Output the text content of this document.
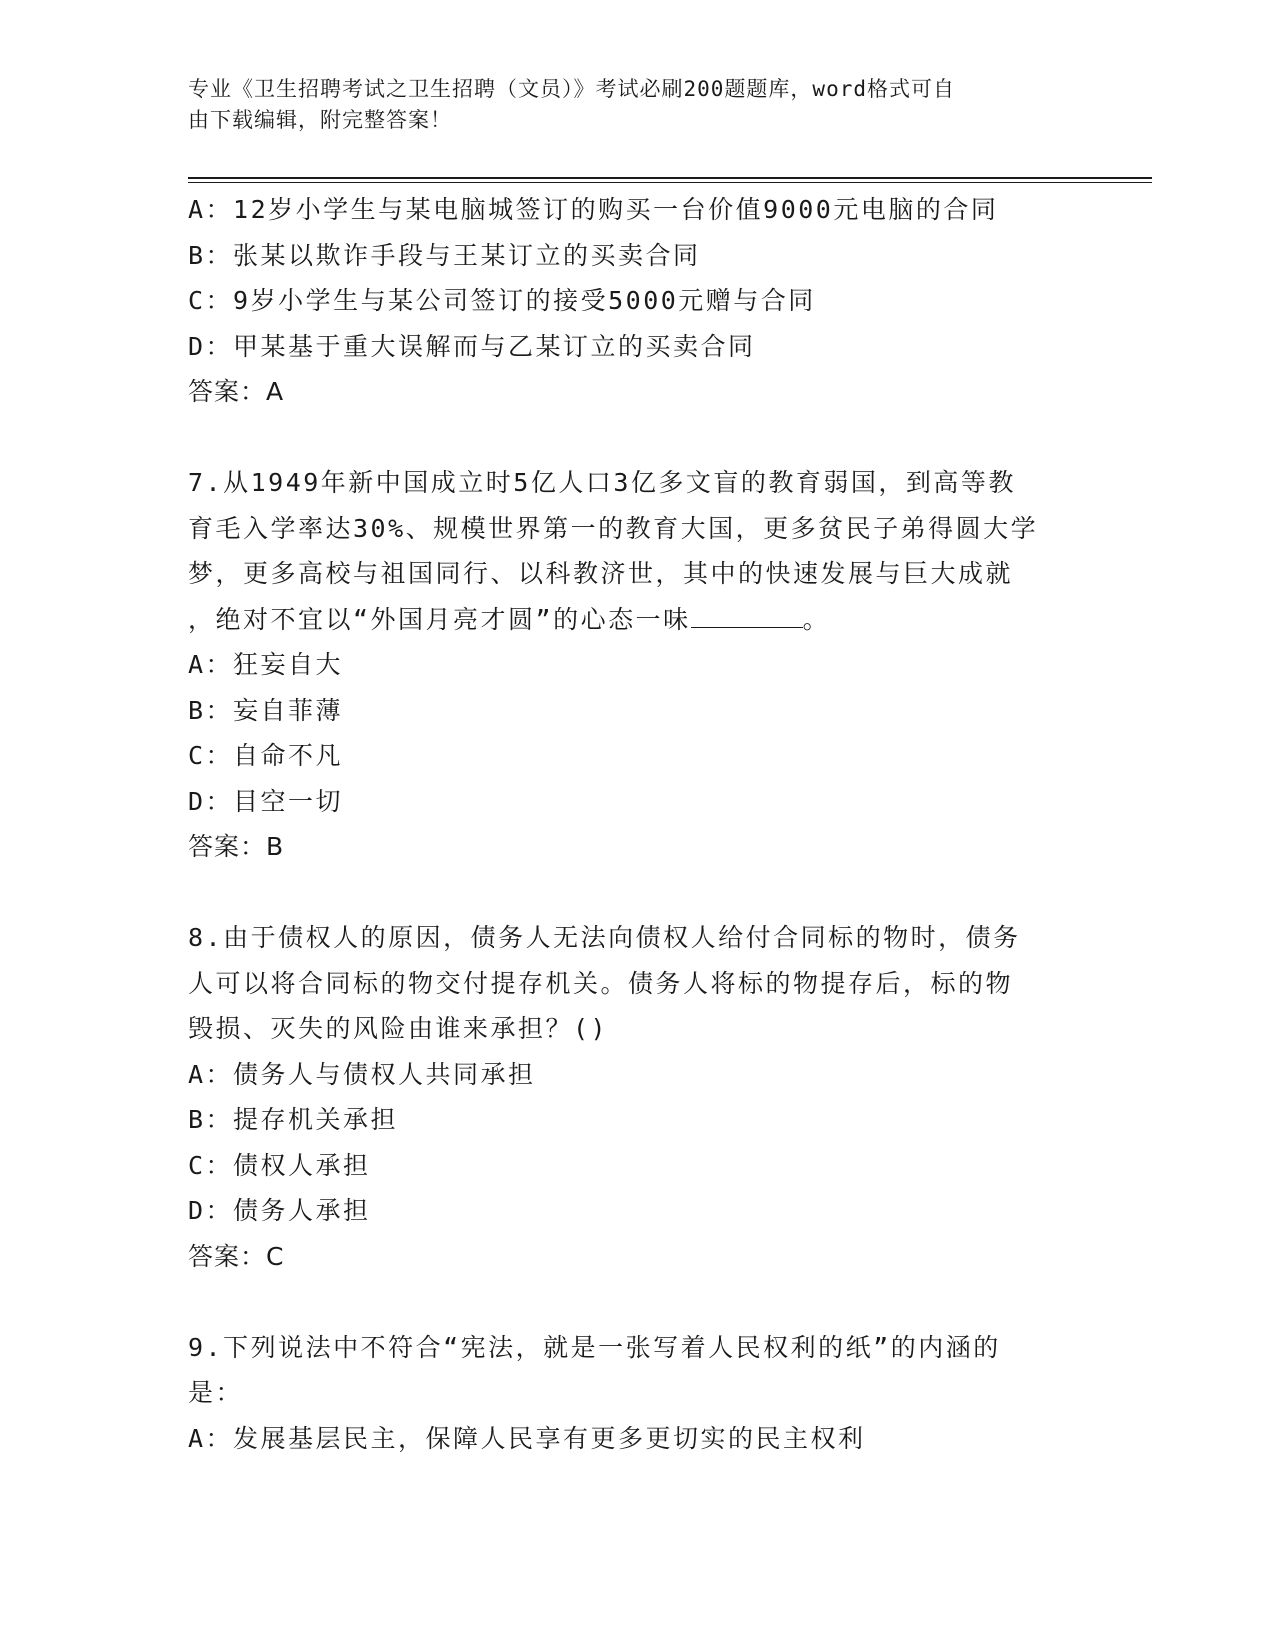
专业《卫生招聘考试之卫生招聘（文员）》考试必刷200题题库，word格式可自
由下载编辑，附完整答案！
A：12岁小学生与某电脑城签订的购买一台价值9000元电脑的合同
B：张某以欺诈手段与王某订立的买卖合同
C：9岁小学生与某公司签订的接受5000元赠与合同
D：甲某基于重大误解而与乙某订立的买卖合同
答案：A
7.从1949年新中国成立时5亿人口3亿多文盲的教育弱国，到高等教
育毛入学率达30%、规模世界第一的教育大国，更多贫民子弟得圆大学
梦，更多高校与祖国同行、以科教济世，其中的快速发展与巨大成就
，绝对不宜以“外国月亮才圆”的心态一味	。
A：狂妄自大
B：妄自菲薄
C：自命不凡
D：目空一切
答案：B
8.由于债权人的原因，债务人无法向债权人给付合同标的物时，债务
人可以将合同标的物交付提存机关。债务人将标的物提存后，标的物
毁损、灭失的风险由谁来承担？()
A：债务人与债权人共同承担
B：提存机关承担
C：债权人承担
D：债务人承担
答案：C
9.下列说法中不符合“宪法，就是一张写着人民权利的纸”的内涵的
是：
A：发展基层民主，保障人民享有更多更切实的民主权利
